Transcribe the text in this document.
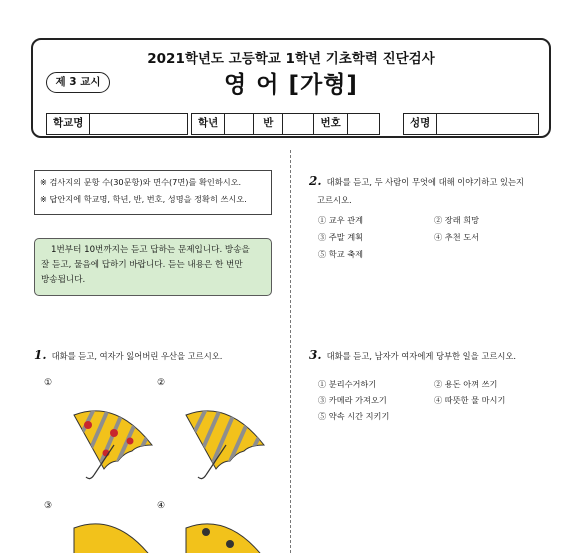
2021학년도 고등학교 1학년 기초학력 진단검사
제 3 교시	영 어 [가형]
학교명	학년	반	번호	성명
※ 검사지의 문항 수(30문항)와 면수(7면)를 확인하시오.
※ 답안지에 학교명, 학년, 반, 번호, 성명을 정확히 쓰시오.
1번부터 10번까지는 듣고 답하는 문제입니다. 방송을
잘 듣고, 물음에 답하기 바랍니다. 듣는 내용은 한 번만
방송됩니다.
1. 대화를 듣고, 여자가 잃어버린 우산을 고르시오.
①	②
③	④
2. 대화를 듣고, 두 사람이 무엇에 대해 이야기하고 있는지
고르시오.
① 교우 관계	② 장래 희망
③ 주말 계획	④ 추천 도서
⑤ 학교 축제
3. 대화를 듣고, 남자가 여자에게 당부한 일을 고르시오.
① 분리수거하기	② 용돈 아껴 쓰기
③ 카메라 가져오기	④ 따뜻한 물 마시기
⑤ 약속 시간 지키기
